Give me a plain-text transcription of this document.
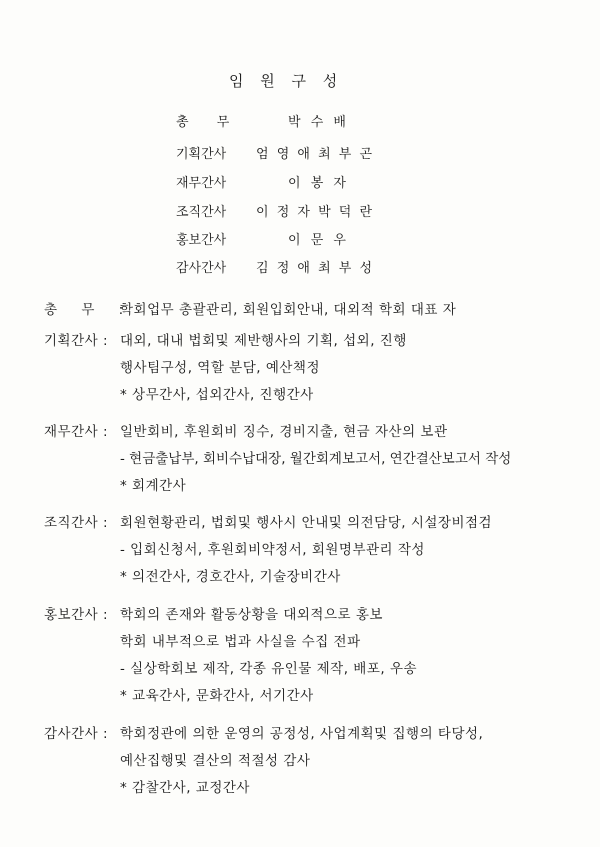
임 원 구 성
총 무	박 수 배
기획간사 엄 영 애 최 부 곤
재무간사	이 봉 자
조직간사 이 정 자 박 덕 란
홍보간사	이 문 우
감사간사 김 정 애 최 부 성
총 무 :
학회업무 총괄관리, 회원입회안내, 대외적 학회 대표 자
기획간사 : 대외, 대내 법회및 제반행사의 기획, 섭외, 진행
행사팀구성, 역할 분담, 예산책정
* 상무간사, 섭외간사, 진행간사
재무간사 : 일반회비, 후원회비 징수, 경비지출, 현금 자산의 보관
- 현금출납부, 회비수납대장, 월간회계보고서, 연간결산보고서 작성
* 회계간사
조직간사 : 회원현황관리, 법회및 행사시 안내및 의전담당, 시설장비점검
- 입회신청서, 후원회비약정서, 회원명부관리 작성
* 의전간사, 경호간사, 기술장비간사
홍보간사 : 학회의 존재와 활동상황을 대외적으로 홍보
학회 내부적으로 법과 사실을 수집 전파
- 실상학회보 제작, 각종 유인물 제작, 배포, 우송
* 교육간사, 문화간사, 서기간사
감사간사 : 학회정관에 의한 운영의 공정성, 사업계획및 집행의 타당성,
예산집행및 결산의 적절성 감사
* 감찰간사, 교정간사
